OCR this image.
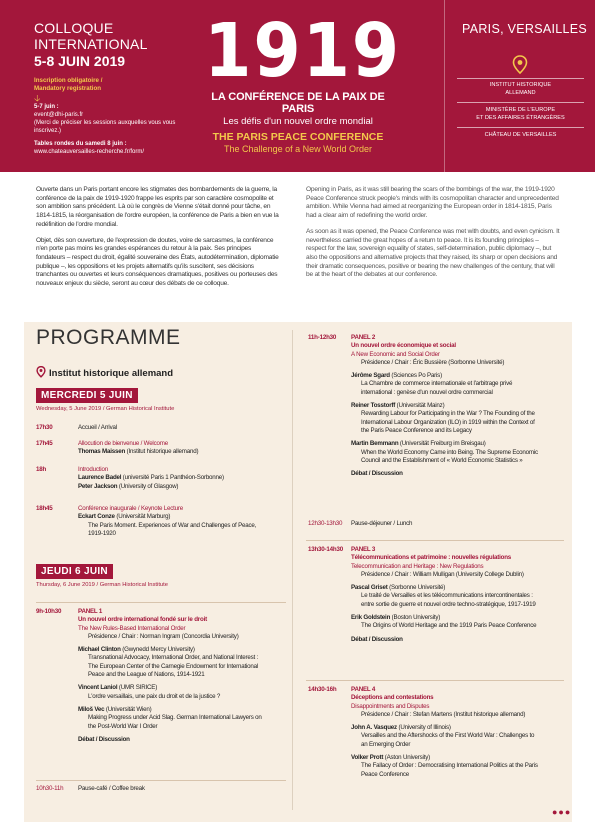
COLLOQUE INTERNATIONAL
5-8 JUIN 2019
Inscription obligatoire /
Mandatory registration
🡣
5-7 juin :
event@dhi-paris.fr
(Merci de préciser les sessions auxquelles vous vous inscrivez.)
Tables rondes du samedi 8 juin :
www.chateauversailles-recherche.fr/form/
1919
LA CONFÉRENCE DE LA PAIX DE PARIS
Les défis d'un nouvel ordre mondial
THE PARIS PEACE CONFERENCE
The Challenge of a New World Order
PARIS, VERSAILLES
INSTITUT HISTORIQUE
ALLEMAND
MINISTÈRE DE L'EUROPE
ET DES AFFAIRES ÉTRANGÈRES
CHÂTEAU DE VERSAILLES

Ouverte dans un Paris portant encore les stigmates des bombardements de la guerre, la conférence de la paix de 1919-1920 frappe les esprits par son caractère cosmopolite et son ambition sans précédent. Là où le congrès de Vienne s'était donné pour tâche, en 1814-1815, la réorganisation de l'ordre européen, la conférence de Paris a bien en vue la redéfinition de l'ordre mondial.

Objet, dès son ouverture, de l'expression de doutes, voire de sarcasmes, la conférence n'en porte pas moins les grandes espérances du retour à la paix. Ses principes fondateurs – respect du droit, égalité souveraine des États, autodétermination, diplomatie publique –, les oppositions et les projets alternatifs qu'ils suscitent, ses décisions tranchantes ou ouvertes et leurs conséquences dramatiques, positives ou porteuses des nouveaux enjeux du siècle, seront au cœur des débats de ce colloque.

Opening in Paris, as it was still bearing the scars of the bombings of the war, the 1919-1920 Peace Conference struck people's minds with its cosmopolitan character and unprecedented ambition. While Vienna had aimed at reorganizing the European order in 1814-1815, Paris had a clear aim of redefining the world order.

As soon as it was opened, the Peace Conference was met with doubts, and even cynicism. It nevertheless carried the great hopes of a return to peace. It is its founding principles – respect for the law, sovereign equality of states, self-determination, public diplomacy –, but also the oppositions and alternative projects that they raised, its sharp or open decisions and their dramatic consequences, positive or bearing the new challenges of the century, that will be at the heart of the debates at our conference.

PROGRAMME
Institut historique allemand
MERCREDI 5 JUIN
Wednesday, 5 June 2019 / German Historical Institute
17h30	Accueil / Arrival
17h45	Allocution de bienvenue / Welcome
Thomas Maissen (Institut historique allemand)
18h	Introduction
Laurence Badel (université Paris 1 Panthéon-Sorbonne)
Peter Jackson (University of Glasgow)
18h45	Conférence inaugurale / Keynote Lecture
Eckart Conze (Universität Marburg)
The Paris Moment. Experiences of War and Challenges of Peace,
1919-1920
JEUDI 6 JUIN
Thursday, 6 June 2019 / German Historical Institute
9h-10h30	PANEL 1
Un nouvel ordre international fondé sur le droit
The New Rules-Based International Order
Présidence / Chair : Norman Ingram (Concordia University)
Michael Clinton (Gwynedd Mercy University)
Transnational Advocacy, International Order, and National Interest :
The European Center of the Carnegie Endowment for International
Peace and the League of Nations, 1914-1921
Vincent Laniol (UMR SIRICE)
L'ordre versaillais, une paix du droit et de la justice ?
Miloš Vec (Universität Wien)
Making Progress under Acid Slag. German International Lawyers on
the Post-World War I Order
Débat / Discussion
10h30-11h Pause-café / Coffee break
11h-12h30 PANEL 2
Un nouvel ordre économique et social
A New Economic and Social Order
Présidence / Chair : Éric Bussière (Sorbonne Université)
Jérôme Sgard (Sciences Po Paris)
La Chambre de commerce internationale et l'arbitrage privé
international : genèse d'un nouvel ordre commercial
Reiner Tosstorff (Universität Mainz)
Rewarding Labour for Participating in the War ? The Founding of the
International Labour Organization (ILO) in 1919 within the Context of
the Paris Peace Conference and its Legacy
Martin Bemmann (Universität Freiburg im Breisgau)
When the World Economy Came into Being. The Supreme Economic
Council and the Establishment of « World Economic Statistics »
Débat / Discussion
12h30-13h30 Pause-déjeuner / Lunch
13h30-14h30 PANEL 3
Télécommunications et patrimoine : nouvelles régulations
Telecommunication and Heritage : New Regulations
Présidence / Chair : William Mulligan (University College Dublin)
Pascal Griset (Sorbonne Université)
Le traité de Versailles et les télécommunications intercontinentales :
entre sortie de guerre et nouvel ordre techno-stratégique, 1917-1919
Erik Goldstein (Boston University)
The Origins of World Heritage and the 1919 Paris Peace Conference
Débat / Discussion
14h30-16h PANEL 4
Déceptions and contestations
Disappointments and Disputes
Présidence / Chair : Stefan Martens (Institut historique allemand)
John A. Vasquez (University of Illinois)
Versailles and the Aftershocks of the First World War : Challenges to
an Emerging Order
Volker Prott (Aston University)
The Fallacy of Order : Democratising International Politics at the Paris
Peace Conference
●●●
